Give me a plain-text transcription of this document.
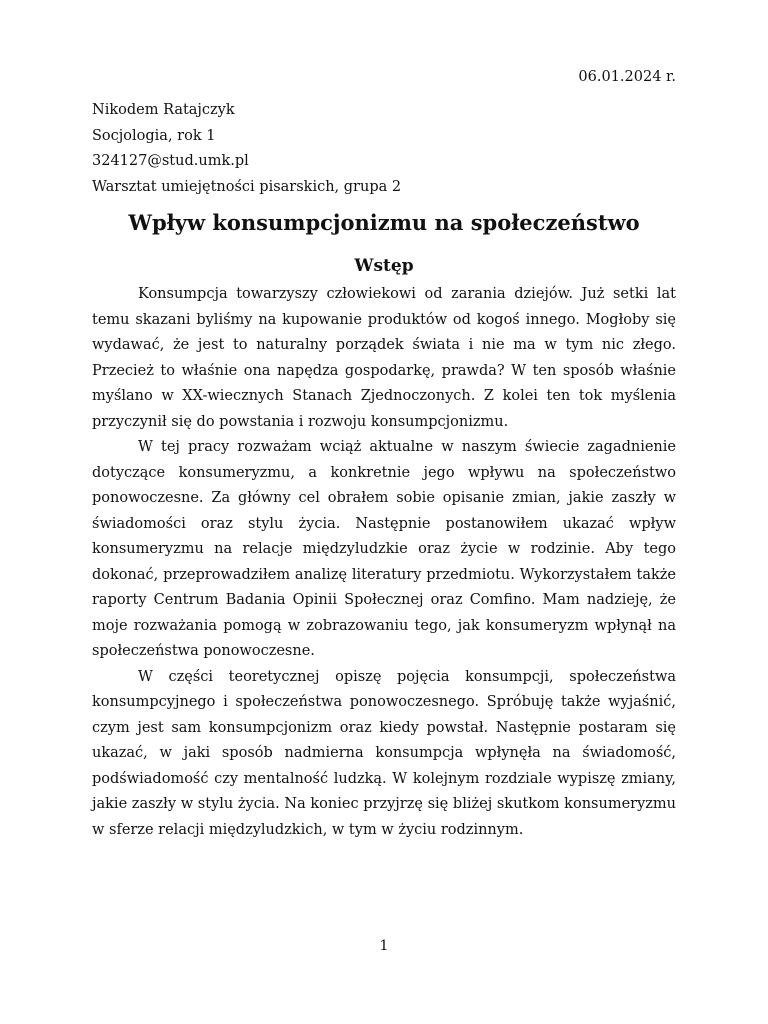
06.01.2024 r.
Nikodem Ratajczyk
Socjologia, rok 1
324127@stud.umk.pl
Warsztat umiejętności pisarskich, grupa 2
Wpływ konsumpcjonizmu na społeczeństwo
Wstęp

Konsumpcja towarzyszy człowiekowi od zarania dziejów. Już setki lat temu skazani byliśmy na kupowanie produktów od kogoś innego. Mogłoby się wydawać, że jest to naturalny porządek świata i nie ma w tym nic złego. Przecież to właśnie ona napędza gospodarkę, prawda? W ten sposób właśnie myślano w XX-wiecznych Stanach Zjednoczonych. Z kolei ten tok myślenia przyczynił się do powstania i rozwoju konsumpcjonizmu.

W tej pracy rozważam wciąż aktualne w naszym świecie zagadnienie dotyczące konsumeryzmu, a konkretnie jego wpływu na społeczeństwo ponowoczesne. Za główny cel obrałem sobie opisanie zmian, jakie zaszły w świadomości oraz stylu życia. Następnie postanowiłem ukazać wpływ konsumeryzmu na relacje międzyludzkie oraz życie w rodzinie. Aby tego dokonać, przeprowadziłem analizę literatury przedmiotu. Wykorzystałem także raporty Centrum Badania Opinii Społecznej oraz Comfino. Mam nadzieję, że moje rozważania pomogą w zobrazowaniu tego, jak konsumeryzm wpłynął na społeczeństwa ponowoczesne.

W części teoretycznej opiszę pojęcia konsumpcji, społeczeństwa konsumpcyjnego i społeczeństwa ponowoczesnego. Spróbuję także wyjaśnić, czym jest sam konsumpcjonizm oraz kiedy powstał. Następnie postaram się ukazać, w jaki sposób nadmierna konsumpcja wpłynęła na świadomość, podświadomość czy mentalność ludzką. W kolejnym rozdziale wypiszę zmiany, jakie zaszły w stylu życia. Na koniec przyjrzę się bliżej skutkom konsumeryzmu w sferze relacji międzyludzkich, w tym w życiu rodzinnym.

1
